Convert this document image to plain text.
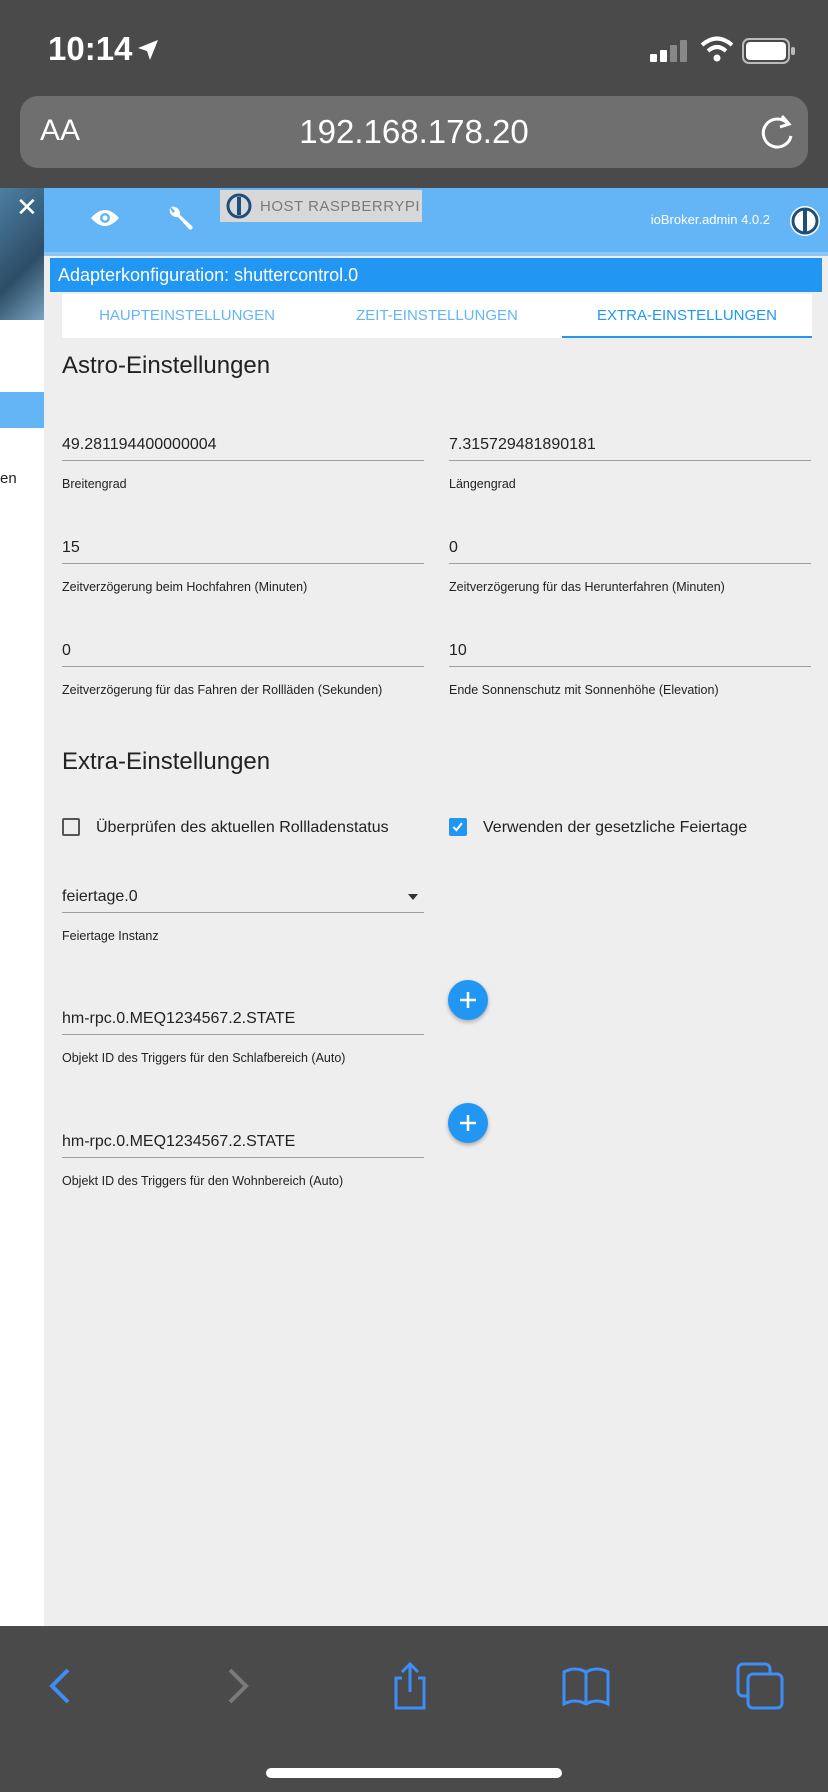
10:14
AA	192.168.178.20
✕
en
HOST RASPBERRYPI
ioBroker.admin 4.0.2
Adapterkonfiguration: shuttercontrol.0
HAUPTEINSTELLUNGEN	ZEIT-EINSTELLUNGEN	EXTRA-EINSTELLUNGEN
Astro-Einstellungen
49.281194400000004
Breitengrad
7.315729481890181
Längengrad
15
Zeitverzögerung beim Hochfahren (Minuten)
0
Zeitverzögerung für das Herunterfahren (Minuten)
0
Zeitverzögerung für das Fahren der Rollläden (Sekunden)
10
Ende Sonnenschutz mit Sonnenhöhe (Elevation)
Extra-Einstellungen
Überprüfen des aktuellen Rollladenstatus	Verwenden der gesetzliche Feiertage
feiertage.0
Feiertage Instanz
hm-rpc.0.MEQ1234567.2.STATE
Objekt ID des Triggers für den Schlafbereich (Auto)
hm-rpc.0.MEQ1234567.2.STATE
Objekt ID des Triggers für den Wohnbereich (Auto)
